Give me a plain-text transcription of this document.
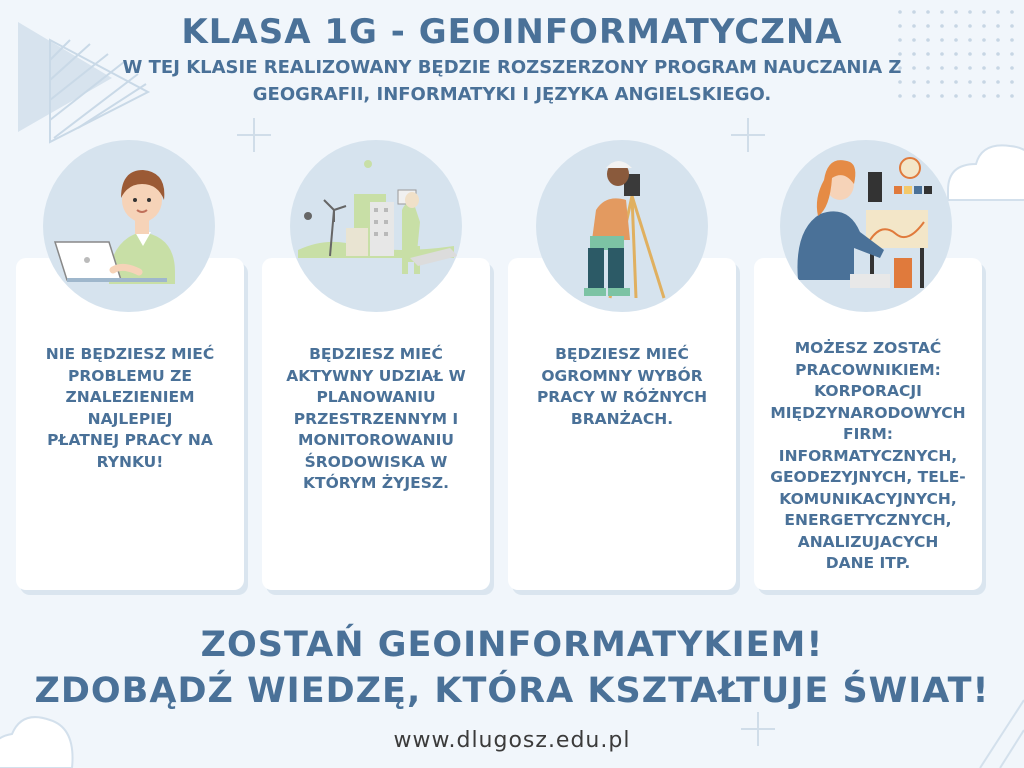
KLASA 1G - GEOINFORMATYCZNA
W TEJ KLASIE REALIZOWANY BĘDZIE ROZSZERZONY PROGRAM NAUCZANIA Z
GEOGRAFII, INFORMATYKI I JĘZYKA ANGIELSKIEGO.
NIE BĘDZIESZ MIEĆ
PROBLEMU ZE
ZNALEZIENIEM
NAJLEPIEJ
PŁATNEJ PRACY NA
RYNKU!
BĘDZIESZ MIEĆ
AKTYWNY UDZIAŁ W
PLANOWANIU
PRZESTRZENNYM I
MONITOROWANIU
ŚRODOWISKA W
KTÓRYM ŻYJESZ.
BĘDZIESZ MIEĆ
OGROMNY WYBÓR
PRACY W RÓŻNYCH
BRANŻACH.
MOŻESZ ZOSTAĆ
PRACOWNIKIEM:
KORPORACJI
MIĘDZYNARODOWYCH
FIRM:
INFORMATYCZNYCH,
GEODEZYJNYCH, TELE-
KOMUNIKACYJNYCH,
ENERGETYCZNYCH,
ANALIZUJACYCH
DANE ITP.
ZOSTAŃ GEOINFORMATYKIEM!
ZDOBĄDŹ WIEDZĘ, KTÓRA KSZTAŁTUJE ŚWIAT!
www.dlugosz.edu.pl
